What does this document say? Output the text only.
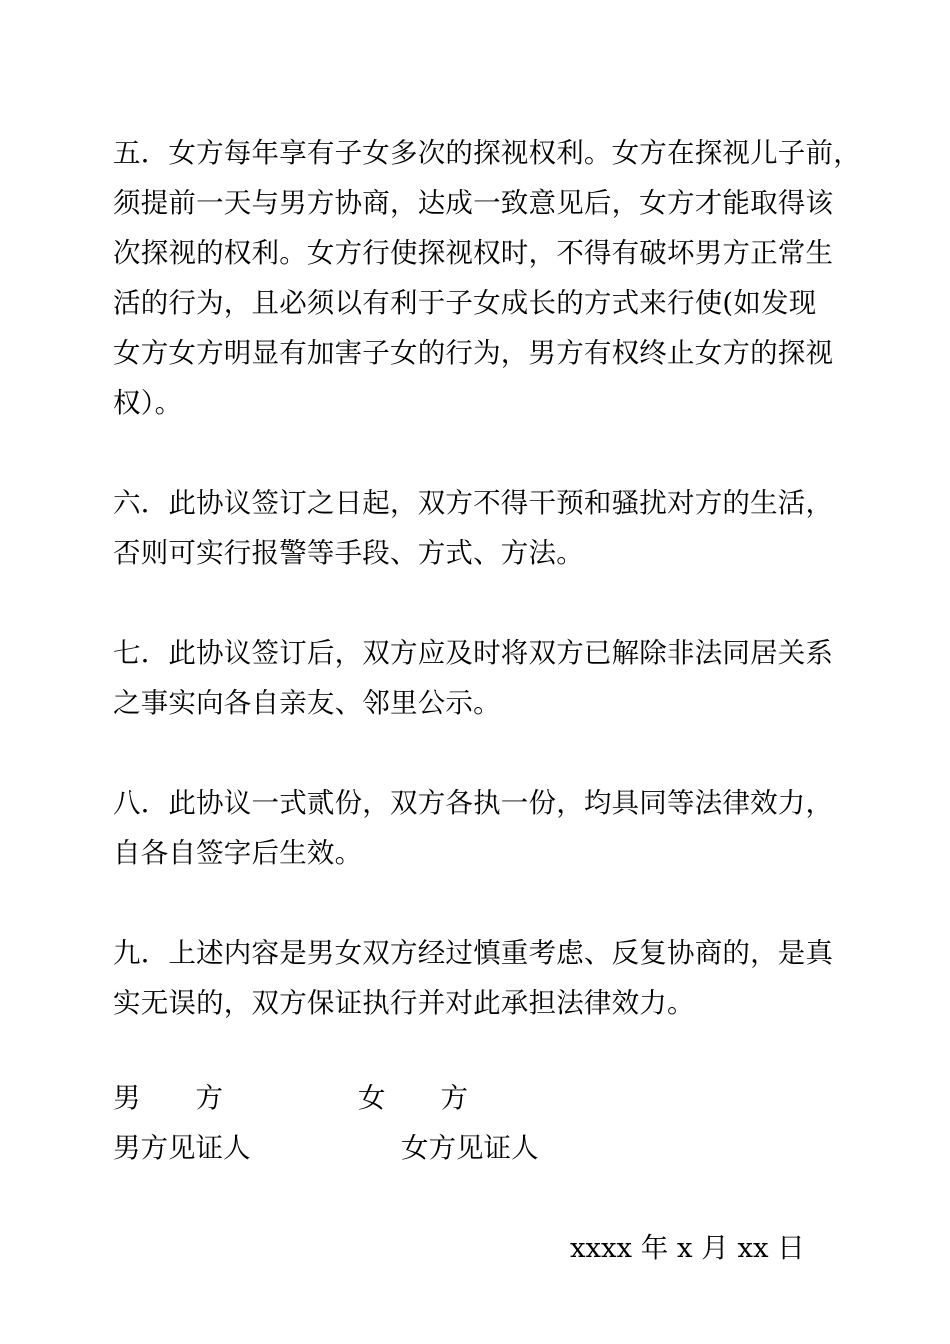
五．女方每年享有子女多次的探视权利。女方在探视儿子前，
须提前一天与男方协商，达成一致意见后，女方才能取得该
次探视的权利。女方行使探视权时，不得有破坏男方正常生
活的行为，且必须以有利于子女成长的方式来行使(如发现
女方女方明显有加害子女的行为，男方有权终止女方的探视
权）。

六．此协议签订之日起，双方不得干预和骚扰对方的生活，
否则可实行报警等手段、方式、方法。

七．此协议签订后，双方应及时将双方已解除非法同居关系
之事实向各自亲友、邻里公示。

八．此协议一式贰份，双方各执一份，均具同等法律效力，
自各自签字后生效。

九．上述内容是男女双方经过慎重考虑、反复协商的，是真
实无误的，双方保证执行并对此承担法律效力。

男　　方	女　　方
男方见证人	女方见证人
xxxx 年 x 月 xx 日
